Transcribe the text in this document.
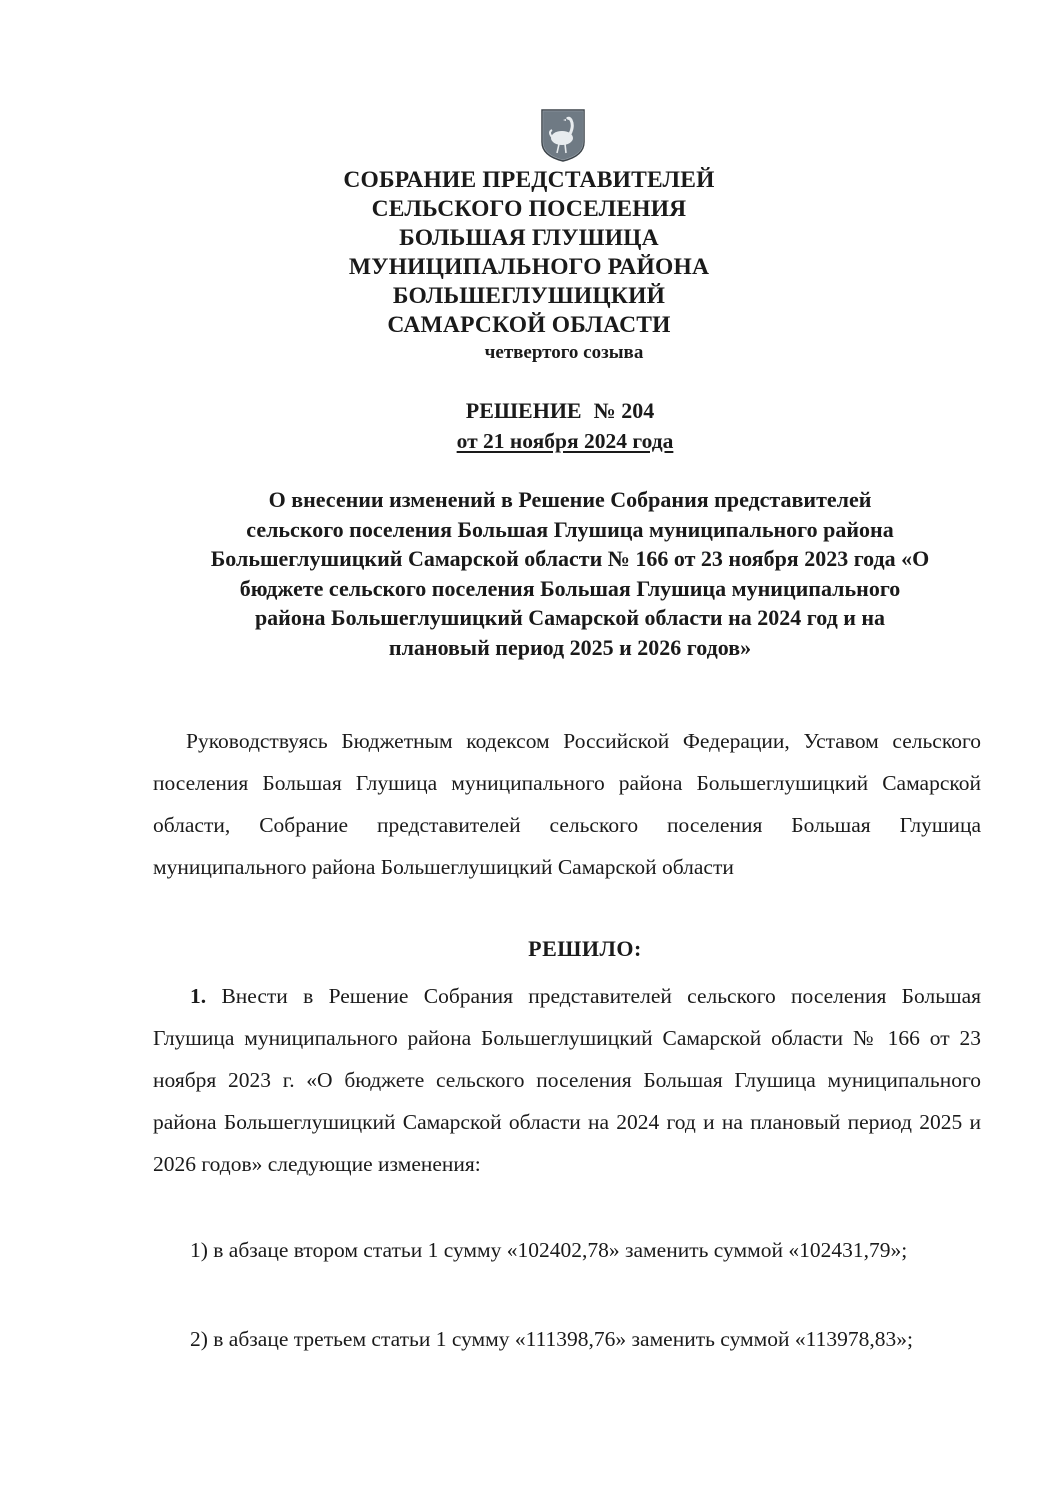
СОБРАНИЕ ПРЕДСТАВИТЕЛЕЙ
СЕЛЬСКОГО ПОСЕЛЕНИЯ
БОЛЬШАЯ ГЛУШИЦА
МУНИЦИПАЛЬНОГО РАЙОНА
БОЛЬШЕГЛУШИЦКИЙ
САМАРСКОЙ ОБЛАСТИ
четвертого созыва
РЕШЕНИЕ № 204
от 21 ноября 2024 года
О внесении изменений в Решение Собрания представителей
сельского поселения Большая Глушица муниципального района
Большеглушицкий Самарской области № 166 от 23 ноября 2023 года «О
бюджете сельского поселения Большая Глушица муниципального
района Большеглушицкий Самарской области на 2024 год и на
плановый период 2025 и 2026 годов»
Руководствуясь Бюджетным кодексом Российской Федерации, Уставом сельского поселения Большая Глушица муниципального района Большеглушицкий Самарской области, Собрание представителей сельского поселения Большая Глушица муниципального района Большеглушицкий Самарской области
РЕШИЛО:
1. Внести в Решение Собрания представителей сельского поселения Большая Глушица муниципального района Большеглушицкий Самарской области № 166 от 23 ноября 2023 г. «О бюджете сельского поселения Большая Глушица муниципального района Большеглушицкий Самарской области на 2024 год и на плановый период 2025 и 2026 годов» следующие изменения:
1) в абзаце втором статьи 1 сумму «102402,78» заменить суммой «102431,79»;
2) в абзаце третьем статьи 1 сумму «111398,76» заменить суммой «113978,83»;
